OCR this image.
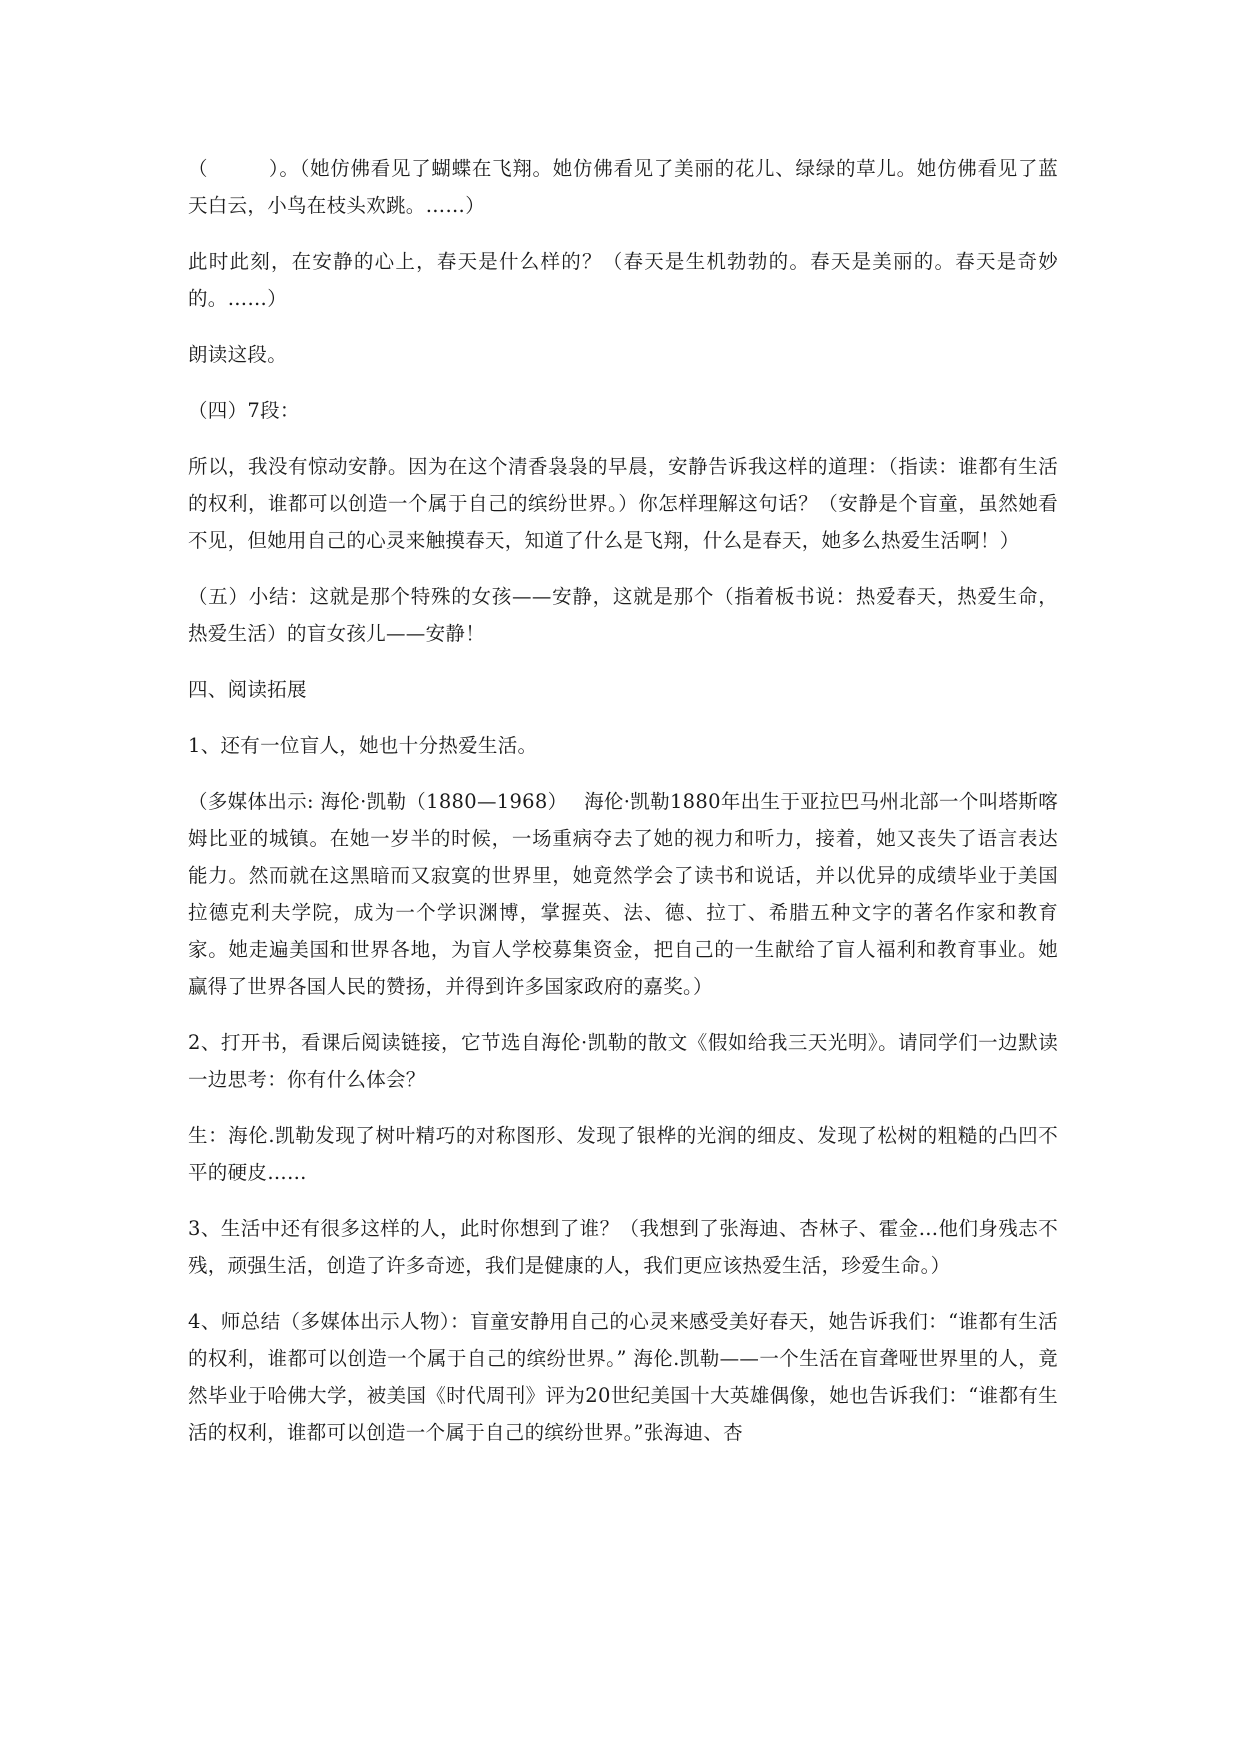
（　　　）。（她仿佛看见了蝴蝶在飞翔。她仿佛看见了美丽的花儿、绿绿的草儿。她仿佛看见了蓝天白云，小鸟在枝头欢跳。……）

此时此刻，在安静的心上，春天是什么样的？（春天是生机勃勃的。春天是美丽的。春天是奇妙的。……）

朗读这段。

（四）7段：

所以，我没有惊动安静。因为在这个清香袅袅的早晨，安静告诉我这样的道理：（指读：谁都有生活的权利，谁都可以创造一个属于自己的缤纷世界。）你怎样理解这句话？（安静是个盲童，虽然她看不见，但她用自己的心灵来触摸春天，知道了什么是飞翔，什么是春天，她多么热爱生活啊！）

（五）小结：这就是那个特殊的女孩——安静，这就是那个（指着板书说：热爱春天，热爱生命，热爱生活）的盲女孩儿——安静！

四、阅读拓展

1、还有一位盲人，她也十分热爱生活。

（多媒体出示: 海伦·凯勒（1880—1968）　 海伦·凯勒1880年出生于亚拉巴马州北部一个叫塔斯喀姆比亚的城镇。在她一岁半的时候，一场重病夺去了她的视力和听力，接着，她又丧失了语言表达能力。然而就在这黑暗而又寂寞的世界里，她竟然学会了读书和说话，并以优异的成绩毕业于美国拉德克利夫学院，成为一个学识渊博，掌握英、法、德、拉丁、希腊五种文字的著名作家和教育家。她走遍美国和世界各地，为盲人学校募集资金，把自己的一生献给了盲人福利和教育事业。她赢得了世界各国人民的赞扬，并得到许多国家政府的嘉奖。）

2、打开书，看课后阅读链接，它节选自海伦·凯勒的散文《假如给我三天光明》。请同学们一边默读一边思考：你有什么体会？

生：海伦.凯勒发现了树叶精巧的对称图形、发现了银桦的光润的细皮、发现了松树的粗糙的凸凹不平的硬皮……

3、生活中还有很多这样的人，此时你想到了谁？（我想到了张海迪、杏林子、霍金…他们身残志不残，顽强生活，创造了许多奇迹，我们是健康的人，我们更应该热爱生活，珍爱生命。）

4、师总结（多媒体出示人物）：盲童安静用自己的心灵来感受美好春天，她告诉我们：“谁都有生活的权利，谁都可以创造一个属于自己的缤纷世界。” 海伦.凯勒——一个生活在盲聋哑世界里的人，竟然毕业于哈佛大学，被美国《时代周刊》评为20世纪美国十大英雄偶像，她也告诉我们：“谁都有生活的权利，谁都可以创造一个属于自己的缤纷世界。”张海迪、杏
